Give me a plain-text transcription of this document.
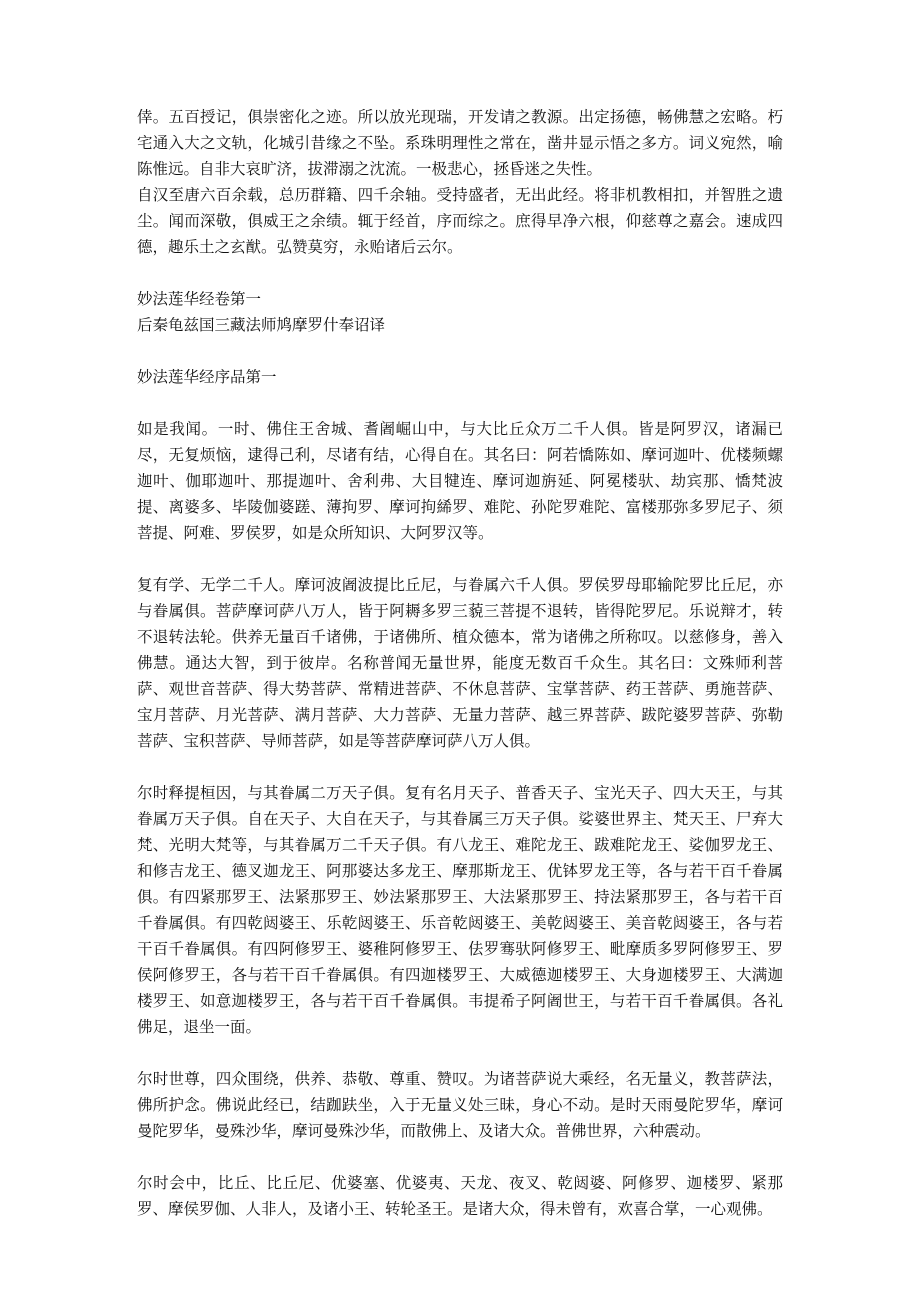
倖。五百授记，俱崇密化之迹。所以放光现瑞，开发请之教源。出定扬德，畅佛慧之宏略。朽宅通入大之文轨，化城引昔缘之不坠。系珠明理性之常在，凿井显示悟之多方。词义宛然，喻陈惟远。自非大哀旷济，拔滞溺之沈流。一极悲心，拯昏迷之失性。

自汉至唐六百余载，总历群籍、四千余轴。受持盛者，无出此经。将非机教相扣，并智胜之遗尘。闻而深敬，俱威王之余绩。辄于经首，序而综之。庶得早净六根，仰慈尊之嘉会。速成四德，趣乐土之玄猷。弘赞莫穷，永贻诸后云尔。

妙法莲华经卷第一

后秦龟兹国三藏法师鸠摩罗什奉诏译

妙法莲华经序品第一

如是我闻。一时、佛住王舍城、耆阇崛山中，与大比丘众万二千人俱。皆是阿罗汉，诸漏已尽，无复烦恼，逮得己利，尽诸有结，心得自在。其名曰：阿若憍陈如、摩诃迦叶、优楼频螺迦叶、伽耶迦叶、那提迦叶、舍利弗、大目犍连、摩诃迦旃延、阿冕楼驮、劫宾那、憍梵波提、离婆多、毕陵伽婆蹉、薄拘罗、摩诃拘絺罗、难陀、孙陀罗难陀、富楼那弥多罗尼子、须菩提、阿难、罗侯罗，如是众所知识、大阿罗汉等。

复有学、无学二千人。摩诃波阇波提比丘尼，与眷属六千人俱。罗侯罗母耶输陀罗比丘尼，亦与眷属俱。菩萨摩诃萨八万人，皆于阿耨多罗三藐三菩提不退转，皆得陀罗尼。乐说辩才，转不退转法轮。供养无量百千诸佛，于诸佛所、植众德本，常为诸佛之所称叹。以慈修身，善入佛慧。通达大智，到于彼岸。名称普闻无量世界，能度无数百千众生。其名曰：文殊师利菩萨、观世音菩萨、得大势菩萨、常精进菩萨、不休息菩萨、宝掌菩萨、药王菩萨、勇施菩萨、宝月菩萨、月光菩萨、满月菩萨、大力菩萨、无量力菩萨、越三界菩萨、跋陀婆罗菩萨、弥勒菩萨、宝积菩萨、导师菩萨，如是等菩萨摩诃萨八万人俱。

尔时释提桓因，与其眷属二万天子俱。复有名月天子、普香天子、宝光天子、四大天王，与其眷属万天子俱。自在天子、大自在天子，与其眷属三万天子俱。娑婆世界主、梵天王、尸弃大梵、光明大梵等，与其眷属万二千天子俱。有八龙王、难陀龙王、跋难陀龙王、娑伽罗龙王、和修吉龙王、德叉迦龙王、阿那婆达多龙王、摩那斯龙王、优钵罗龙王等，各与若干百千眷属俱。有四紧那罗王、法紧那罗王、妙法紧那罗王、大法紧那罗王、持法紧那罗王，各与若干百千眷属俱。有四乾闼婆王、乐乾闼婆王、乐音乾闼婆王、美乾闼婆王、美音乾闼婆王，各与若干百千眷属俱。有四阿修罗王、婆稚阿修罗王、佉罗骞驮阿修罗王、毗摩质多罗阿修罗王、罗侯阿修罗王，各与若干百千眷属俱。有四迦楼罗王、大威德迦楼罗王、大身迦楼罗王、大满迦楼罗王、如意迦楼罗王，各与若干百千眷属俱。韦提希子阿阇世王，与若干百千眷属俱。各礼佛足，退坐一面。

尔时世尊，四众围绕，供养、恭敬、尊重、赞叹。为诸菩萨说大乘经，名无量义，教菩萨法，佛所护念。佛说此经已，结跏趺坐，入于无量义处三昧，身心不动。是时天雨曼陀罗华，摩诃曼陀罗华，曼殊沙华，摩诃曼殊沙华，而散佛上、及诸大众。普佛世界，六种震动。

尔时会中，比丘、比丘尼、优婆塞、优婆夷、天龙、夜叉、乾闼婆、阿修罗、迦楼罗、紧那罗、摩侯罗伽、人非人，及诸小王、转轮圣王。是诸大众，得未曾有，欢喜合掌，一心观佛。
